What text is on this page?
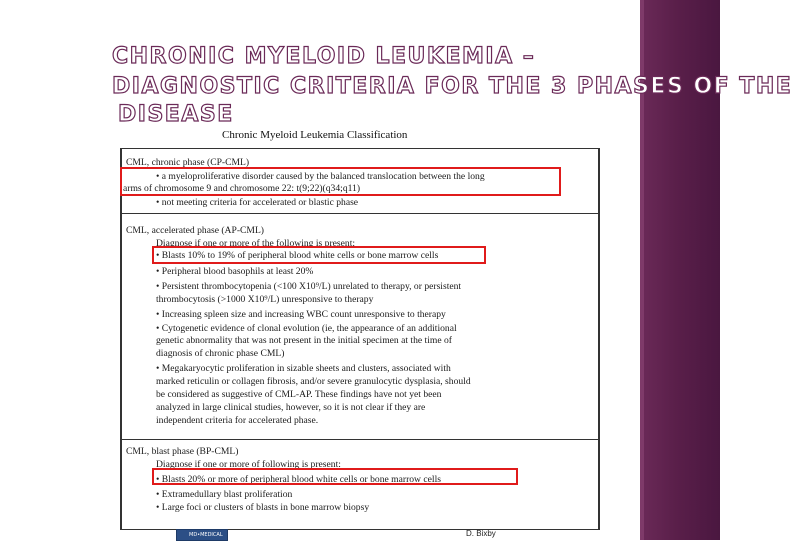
CHRONIC MYELOID LEUKEMIA –
DIAGNOSTIC CRITERIA FOR THE 3 PHASES OF THE
DISEASE
Chronic Myeloid Leukemia Classification
CML, chronic phase (CP-CML)
• a myeloproliferative disorder caused by the balanced translocation between the long
arms of chromosome 9 and chromosome 22: t(9;22)(q34;q11)
• not meeting criteria for accelerated or blastic phase
CML, accelerated phase (AP-CML)
Diagnose if one or more of the following is present:
• Blasts 10% to 19% of peripheral blood white cells or bone marrow cells
• Peripheral blood basophils at least 20%
• Persistent thrombocytopenia (<100 X10⁹/L) unrelated to therapy, or persistent
thrombocytosis (>1000 X10⁹/L) unresponsive to therapy
• Increasing spleen size and increasing WBC count unresponsive to therapy
• Cytogenetic evidence of clonal evolution (ie, the appearance of an additional
genetic abnormality that was not present in the initial specimen at the time of
diagnosis of chronic phase CML)
• Megakaryocytic proliferation in sizable sheets and clusters, associated with
marked reticulin or collagen fibrosis, and/or severe granulocytic dysplasia, should
be considered as suggestive of CML-AP. These findings have not yet been
analyzed in large clinical studies, however, so it is not clear if they are
independent criteria for accelerated phase.
CML, blast phase (BP-CML)
Diagnose if one or more of following is present:
• Blasts 20% or more of peripheral blood white cells or bone marrow cells
• Extramedullary blast proliferation
• Large foci or clusters of blasts in bone marrow biopsy
MD•MEDICAL	D. Bixby
